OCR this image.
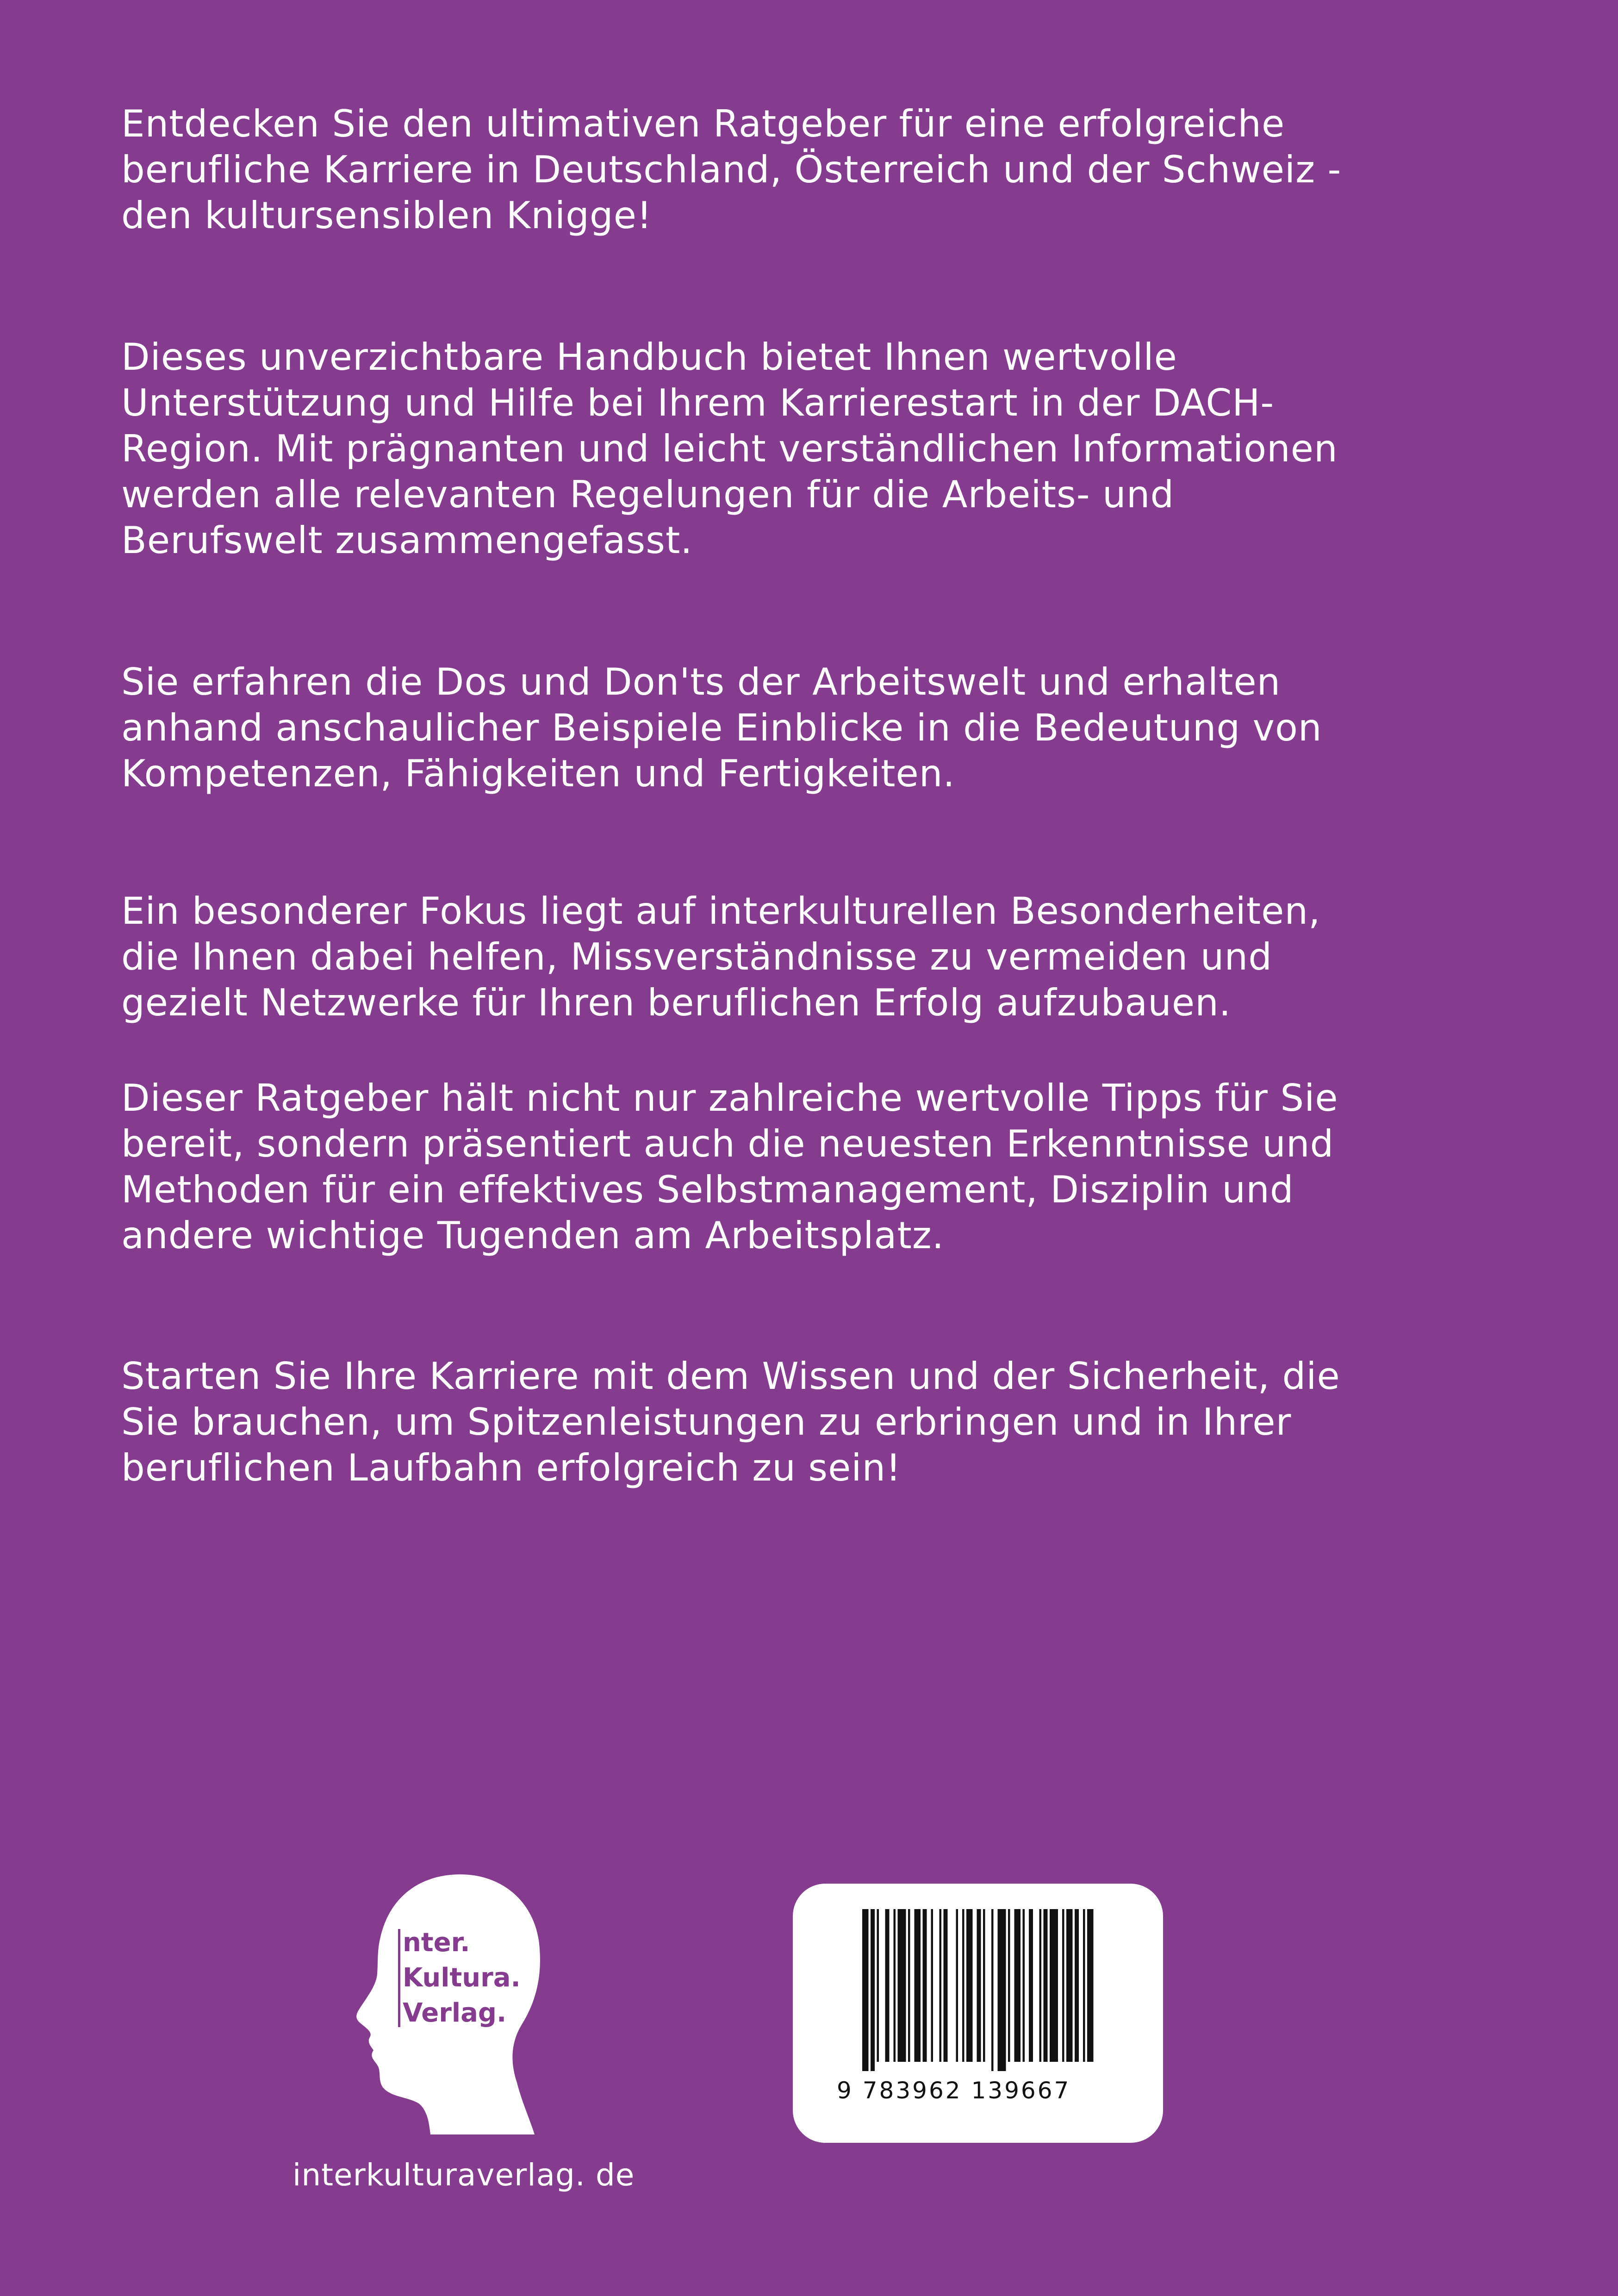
Entdecken Sie den ultimativen Ratgeber für eine erfolgreiche
berufliche Karriere in Deutschland, Österreich und der Schweiz -
den kultursensiblen Knigge!
Dieses unverzichtbare Handbuch bietet Ihnen wertvolle
Unterstützung und Hilfe bei Ihrem Karrierestart in der DACH-
Region. Mit prägnanten und leicht verständlichen Informationen
werden alle relevanten Regelungen für die Arbeits- und
Berufswelt zusammengefasst.
Sie erfahren die Dos und Don'ts der Arbeitswelt und erhalten
anhand anschaulicher Beispiele Einblicke in die Bedeutung von
Kompetenzen, Fähigkeiten und Fertigkeiten.
Ein besonderer Fokus liegt auf interkulturellen Besonderheiten,
die Ihnen dabei helfen, Missverständnisse zu vermeiden und
gezielt Netzwerke für Ihren beruflichen Erfolg aufzubauen.
Dieser Ratgeber hält nicht nur zahlreiche wertvolle Tipps für Sie
bereit, sondern präsentiert auch die neuesten Erkenntnisse und
Methoden für ein effektives Selbstmanagement, Disziplin und
andere wichtige Tugenden am Arbeitsplatz.
Starten Sie Ihre Karriere mit dem Wissen und der Sicherheit, die
Sie brauchen, um Spitzenleistungen zu erbringen und in Ihrer
beruflichen Laufbahn erfolgreich zu sein!
nter.
Kultura.
Verlag.
interkulturaverlag. de
9 783962 139667
